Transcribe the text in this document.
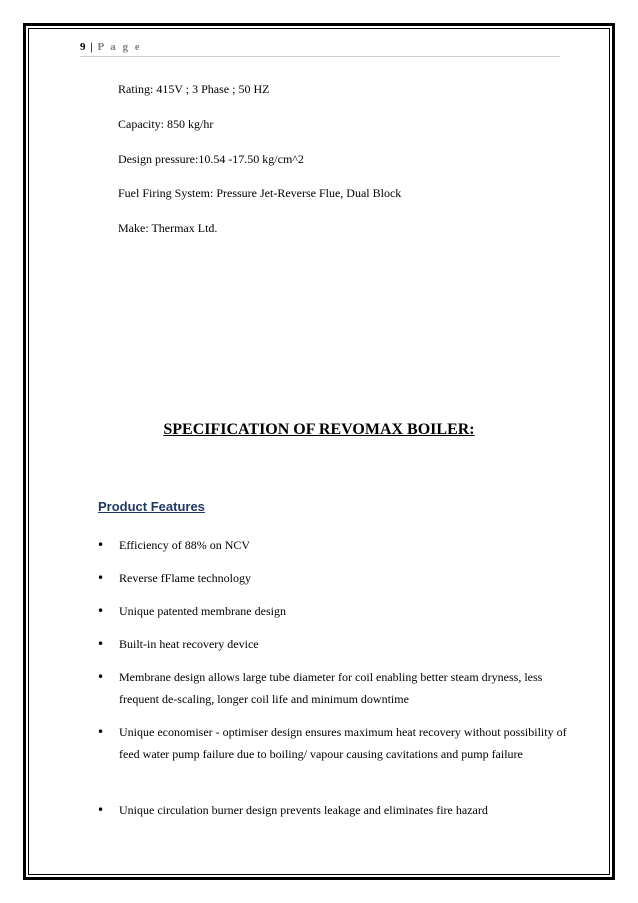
9 | P a g e
Rating: 415V ; 3 Phase ; 50 HZ
Capacity: 850 kg/hr
Design pressure:10.54 -17.50 kg/cm^2
Fuel Firing System: Pressure Jet-Reverse Flue, Dual Block
Make: Thermax Ltd.
SPECIFICATION OF REVOMAX BOILER:
Product Features
•	Efficiency of 88% on NCV
•	Reverse fFlame technology
•	Unique patented membrane design
•	Built-in heat recovery device
•	Membrane design allows large tube diameter for coil enabling better steam dryness, less frequent de-scaling, longer coil life and minimum downtime
•	Unique economiser - optimiser design ensures maximum heat recovery without possibility of feed water pump failure due to boiling/ vapour causing cavitations and pump failure
•	Unique circulation burner design prevents leakage and eliminates fire hazard
